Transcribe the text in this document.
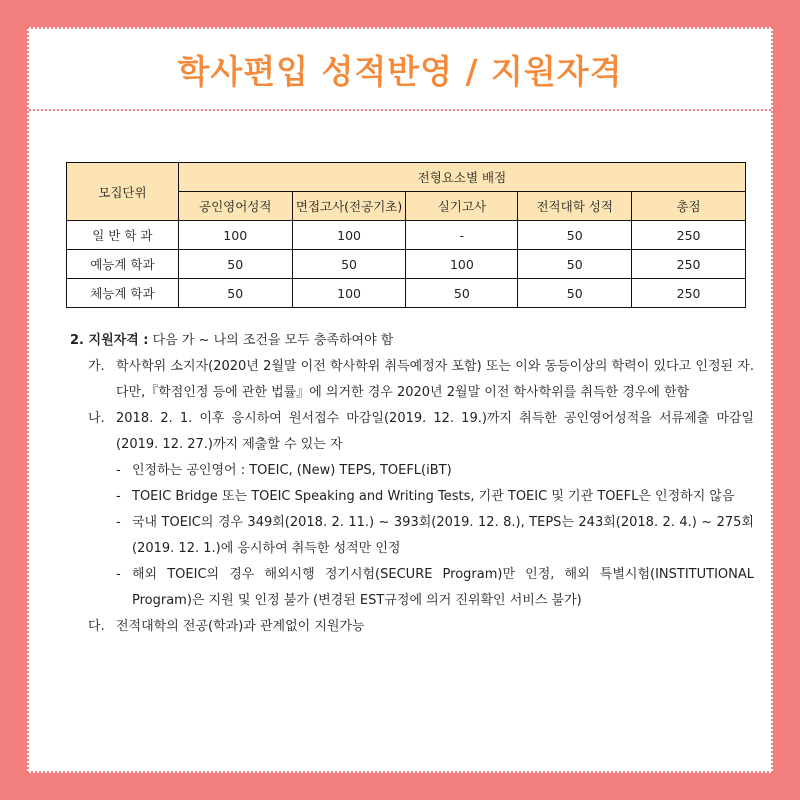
학사편입 성적반영 / 지원자격
모집단위	전형요소별 배점				
	공인영어성적	면접고사(전공기초)	실기고사	전적대학 성적	총점
일 반 학 과	100	100	-	50	250
예능계 학과	50	50	100	50	250
체능계 학과	50	100	50	50	250

2. 지원자격 : 다음 가 ~ 나의 조건을 모두 충족하여야 함

가. 학사학위 소지자(2020년 2월말 이전 학사학위 취득예정자 포함) 또는 이와 동등이상의 학력이 있다고 인정된 자. 다만,『학점인정 등에 관한 법률』에 의거한 경우 2020년 2월말 이전 학사학위를 취득한 경우에 한함
나. 2018. 2. 1. 이후 응시하여 원서접수 마감일(2019. 12. 19.)까지 취득한 공인영어성적을 서류제출 마감일(2019. 12. 27.)까지 제출할 수 있는 자
- 인정하는 공인영어 : TOEIC, (New) TEPS, TOEFL(iBT)
- TOEIC Bridge 또는 TOEIC Speaking and Writing Tests, 기관 TOEIC 및 기관 TOEFL은 인정하지 않음
- 국내 TOEIC의 경우 349회(2018. 2. 11.) ~ 393회(2019. 12. 8.), TEPS는 243회(2018. 2. 4.) ~ 275회 (2019. 12. 1.)에 응시하여 취득한 성적만 인정
- 해외 TOEIC의 경우 해외시행 정기시험(SECURE Program)만 인정, 해외 특별시험(INSTITUTIONAL Program)은 지원 및 인정 불가 (변경된 EST규정에 의거 진위확인 서비스 불가)
다. 전적대학의 전공(학과)과 관계없이 지원가능
